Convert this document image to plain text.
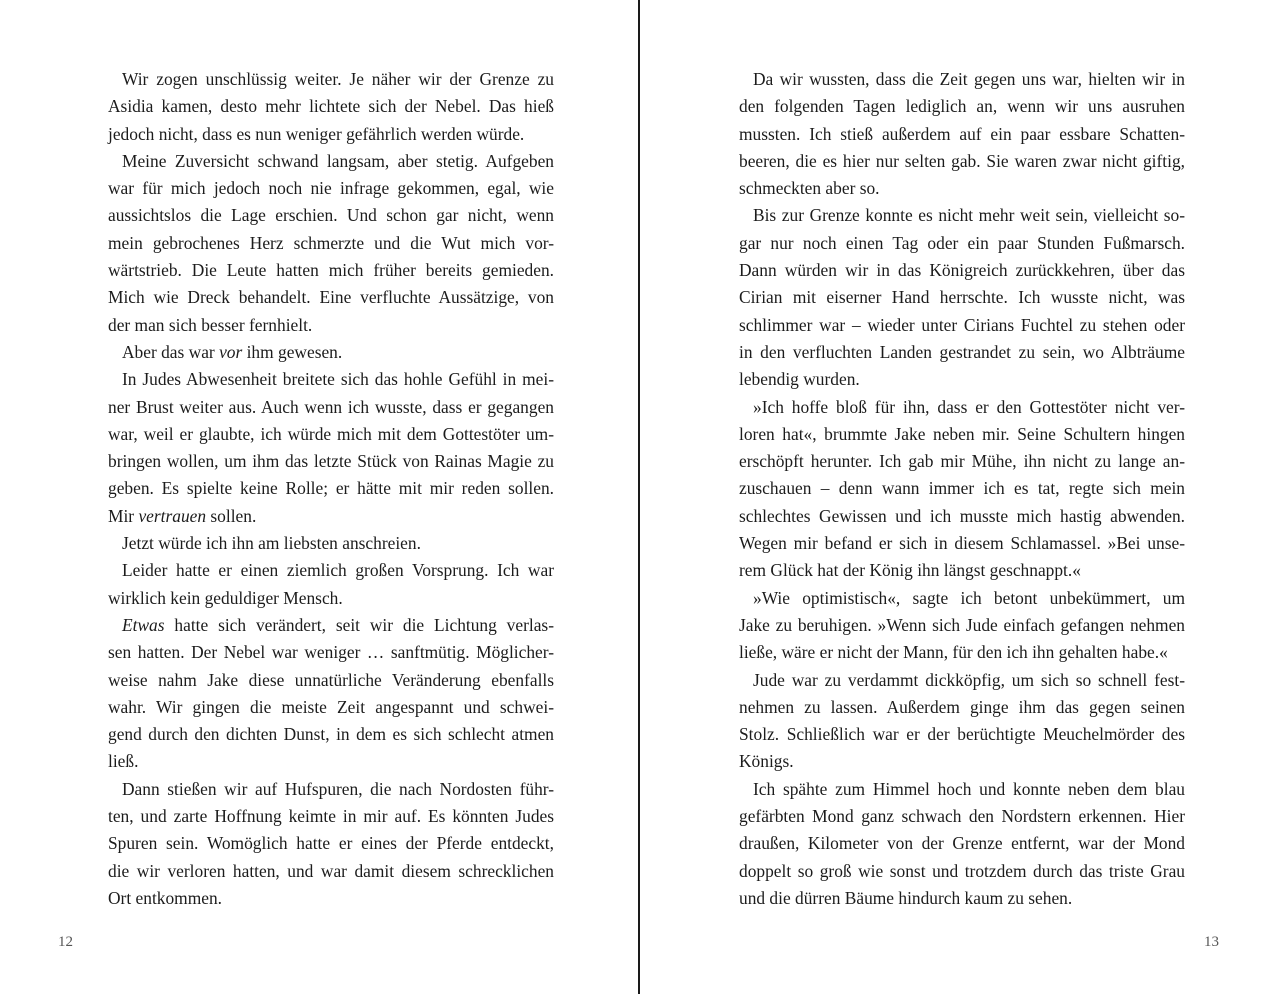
Wir zogen unschlüssig weiter. Je näher wir der Grenze zu
Asidia kamen, desto mehr lichtete sich der Nebel. Das hieß
jedoch nicht, dass es nun weniger gefährlich werden würde.

Meine Zuversicht schwand langsam, aber stetig. Aufgeben
war für mich jedoch noch nie infrage gekommen, egal, wie
aussichtslos die Lage erschien. Und schon gar nicht, wenn
mein gebrochenes Herz schmerzte und die Wut mich vor-
wärtstrieb. Die Leute hatten mich früher bereits gemieden.
Mich wie Dreck behandelt. Eine verfluchte Aussätzige, von
der man sich besser fernhielt.

Aber das war vor ihm gewesen.

In Judes Abwesenheit breitete sich das hohle Gefühl in mei-
ner Brust weiter aus. Auch wenn ich wusste, dass er gegangen
war, weil er glaubte, ich würde mich mit dem Gottestöter um-
bringen wollen, um ihm das letzte Stück von Rainas Magie zu
geben. Es spielte keine Rolle; er hätte mit mir reden sollen.
Mir vertrauen sollen.

Jetzt würde ich ihn am liebsten anschreien.

Leider hatte er einen ziemlich großen Vorsprung. Ich war
wirklich kein geduldiger Mensch.

Etwas hatte sich verändert, seit wir die Lichtung verlas-
sen hatten. Der Nebel war weniger … sanftmütig. Möglicher-
weise nahm Jake diese unnatürliche Veränderung ebenfalls
wahr. Wir gingen die meiste Zeit angespannt und schwei-
gend durch den dichten Dunst, in dem es sich schlecht atmen
ließ.

Dann stießen wir auf Hufspuren, die nach Nordosten führ-
ten, und zarte Hoffnung keimte in mir auf. Es könnten Judes
Spuren sein. Womöglich hatte er eines der Pferde entdeckt,
die wir verloren hatten, und war damit diesem schrecklichen
Ort entkommen.

12

Da wir wussten, dass die Zeit gegen uns war, hielten wir in
den folgenden Tagen lediglich an, wenn wir uns ausruhen
mussten. Ich stieß außerdem auf ein paar essbare Schatten-
beeren, die es hier nur selten gab. Sie waren zwar nicht giftig,
schmeckten aber so.

Bis zur Grenze konnte es nicht mehr weit sein, vielleicht so-
gar nur noch einen Tag oder ein paar Stunden Fußmarsch.
Dann würden wir in das Königreich zurückkehren, über das
Cirian mit eiserner Hand herrschte. Ich wusste nicht, was
schlimmer war – wieder unter Cirians Fuchtel zu stehen oder
in den verfluchten Landen gestrandet zu sein, wo Albträume
lebendig wurden.

»Ich hoffe bloß für ihn, dass er den Gottestöter nicht ver-
loren hat«, brummte Jake neben mir. Seine Schultern hingen
erschöpft herunter. Ich gab mir Mühe, ihn nicht zu lange an-
zuschauen – denn wann immer ich es tat, regte sich mein
schlechtes Gewissen und ich musste mich hastig abwenden.
Wegen mir befand er sich in diesem Schlamassel. »Bei unse-
rem Glück hat der König ihn längst geschnappt.«

»Wie optimistisch«, sagte ich betont unbekümmert, um
Jake zu beruhigen. »Wenn sich Jude einfach gefangen nehmen
ließe, wäre er nicht der Mann, für den ich ihn gehalten habe.«

Jude war zu verdammt dickköpfig, um sich so schnell fest-
nehmen zu lassen. Außerdem ginge ihm das gegen seinen
Stolz. Schließlich war er der berüchtigte Meuchelmörder des
Königs.

Ich spähte zum Himmel hoch und konnte neben dem blau
gefärbten Mond ganz schwach den Nordstern erkennen. Hier
draußen, Kilometer von der Grenze entfernt, war der Mond
doppelt so groß wie sonst und trotzdem durch das triste Grau
und die dürren Bäume hindurch kaum zu sehen.

13
